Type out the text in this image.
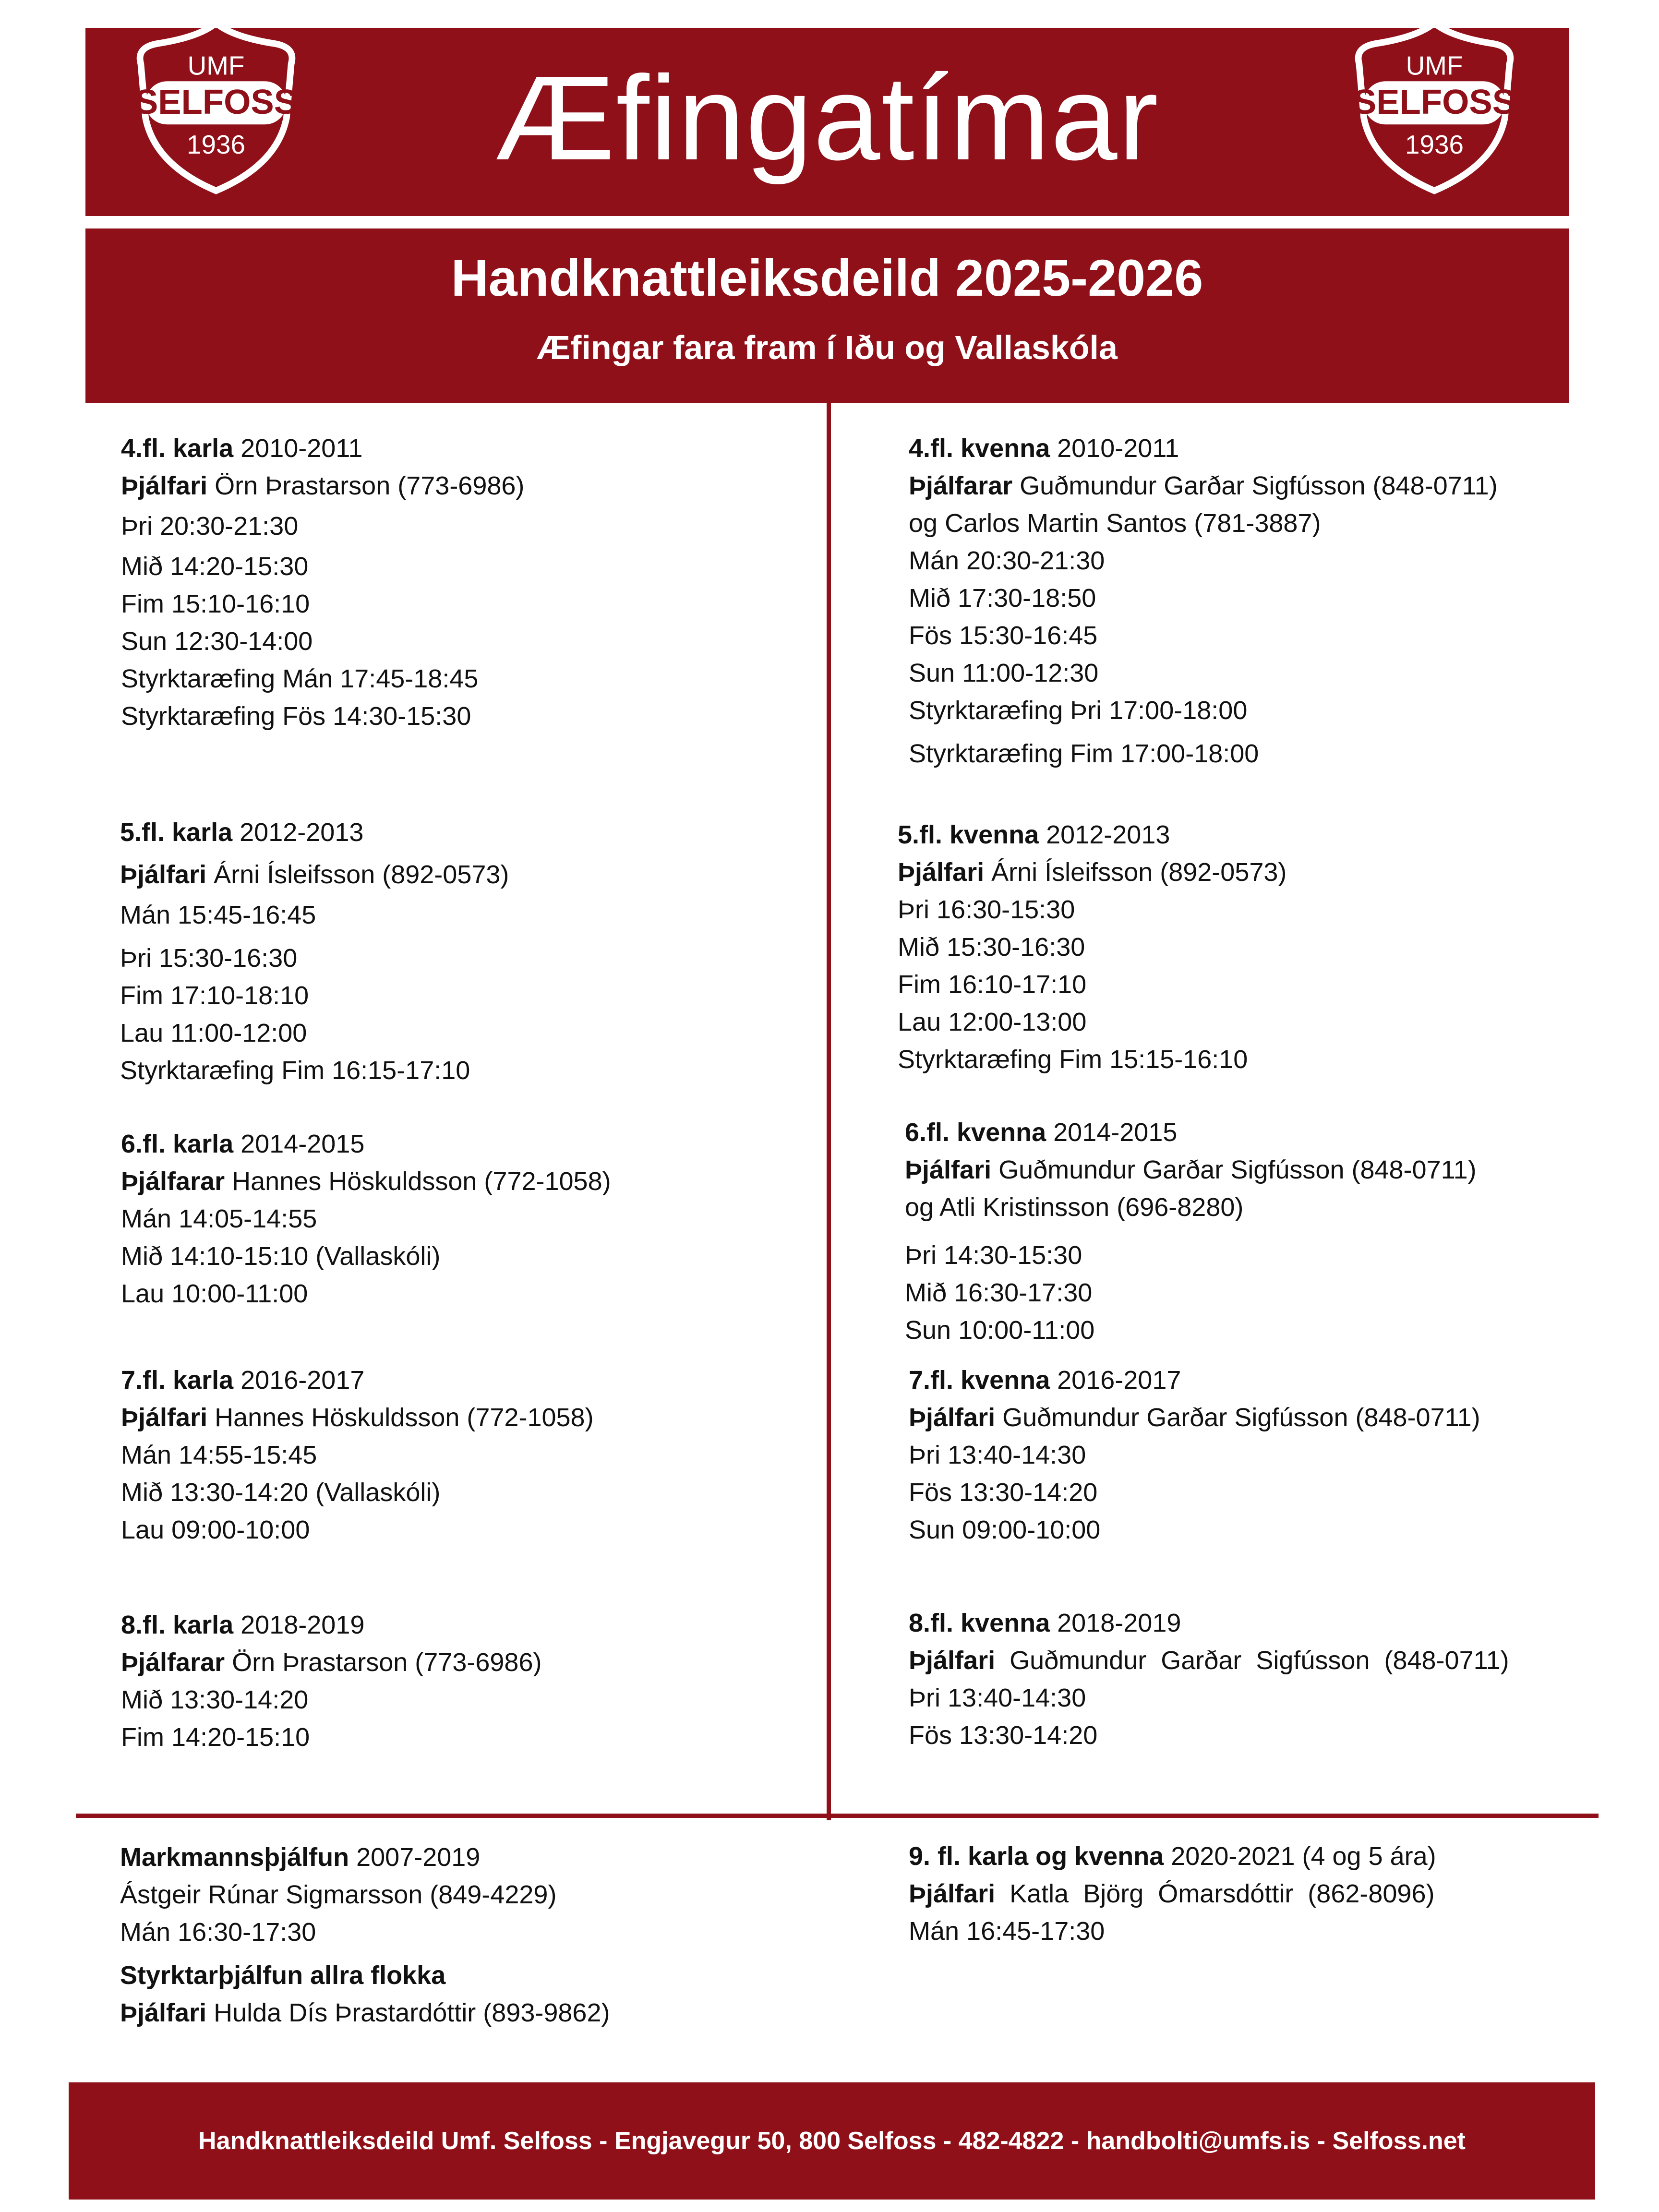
Æfingatímar
UMF
SELFOSS
1936
UMF
SELFOSS
1936
Handknattleiksdeild 2025-2026
Æfingar fara fram í Iðu og Vallaskóla
4.fl. karla 2010-2011
Þjálfari Örn Þrastarson (773-6986)
Þri 20:30-21:30
Mið 14:20-15:30
Fim 15:10-16:10
Sun 12:30-14:00
Styrktaræfing Mán 17:45-18:45
Styrktaræfing Fös 14:30-15:30
5.fl. karla 2012-2013
Þjálfari Árni Ísleifsson (892-0573)
Mán 15:45-16:45
Þri 15:30-16:30
Fim 17:10-18:10
Lau 11:00-12:00
Styrktaræfing Fim 16:15-17:10
6.fl. karla 2014-2015
Þjálfarar Hannes Höskuldsson (772-1058)
Mán 14:05-14:55
Mið 14:10-15:10 (Vallaskóli)
Lau 10:00-11:00
7.fl. karla 2016-2017
Þjálfari Hannes Höskuldsson (772-1058)
Mán 14:55-15:45
Mið 13:30-14:20 (Vallaskóli)
Lau 09:00-10:00
8.fl. karla 2018-2019
Þjálfarar Örn Þrastarson (773-6986)
Mið 13:30-14:20
Fim 14:20-15:10
4.fl. kvenna 2010-2011
Þjálfarar Guðmundur Garðar Sigfússon (848-0711)
og Carlos Martin Santos (781-3887)
Mán 20:30-21:30
Mið 17:30-18:50
Fös 15:30-16:45
Sun 11:00-12:30
Styrktaræfing Þri 17:00-18:00
Styrktaræfing Fim 17:00-18:00
5.fl. kvenna 2012-2013
Þjálfari Árni Ísleifsson (892-0573)
Þri 16:30-15:30
Mið 15:30-16:30
Fim 16:10-17:10
Lau 12:00-13:00
Styrktaræfing Fim 15:15-16:10
6.fl. kvenna 2014-2015
Þjálfari Guðmundur Garðar Sigfússon (848-0711)
og Atli Kristinsson (696-8280)
Þri 14:30-15:30
Mið 16:30-17:30
Sun 10:00-11:00
7.fl. kvenna 2016-2017
Þjálfari Guðmundur Garðar Sigfússon (848-0711)
Þri 13:40-14:30
Fös 13:30-14:20
Sun 09:00-10:00
8.fl. kvenna 2018-2019
Þjálfari  Guðmundur  Garðar  Sigfússon  (848-0711)
Þri 13:40-14:30
Fös 13:30-14:20
Markmannsþjálfun 2007-2019
Ástgeir Rúnar Sigmarsson (849-4229)
Mán 16:30-17:30
Styrktarþjálfun allra flokka
Þjálfari Hulda Dís Þrastardóttir (893-9862)
9. fl. karla og kvenna 2020-2021 (4 og 5 ára)
Þjálfari  Katla  Björg  Ómarsdóttir  (862-8096)
Mán 16:45-17:30
Handknattleiksdeild Umf. Selfoss - Engjavegur 50, 800 Selfoss - 482-4822 - handbolti@umfs.is - Selfoss.net
